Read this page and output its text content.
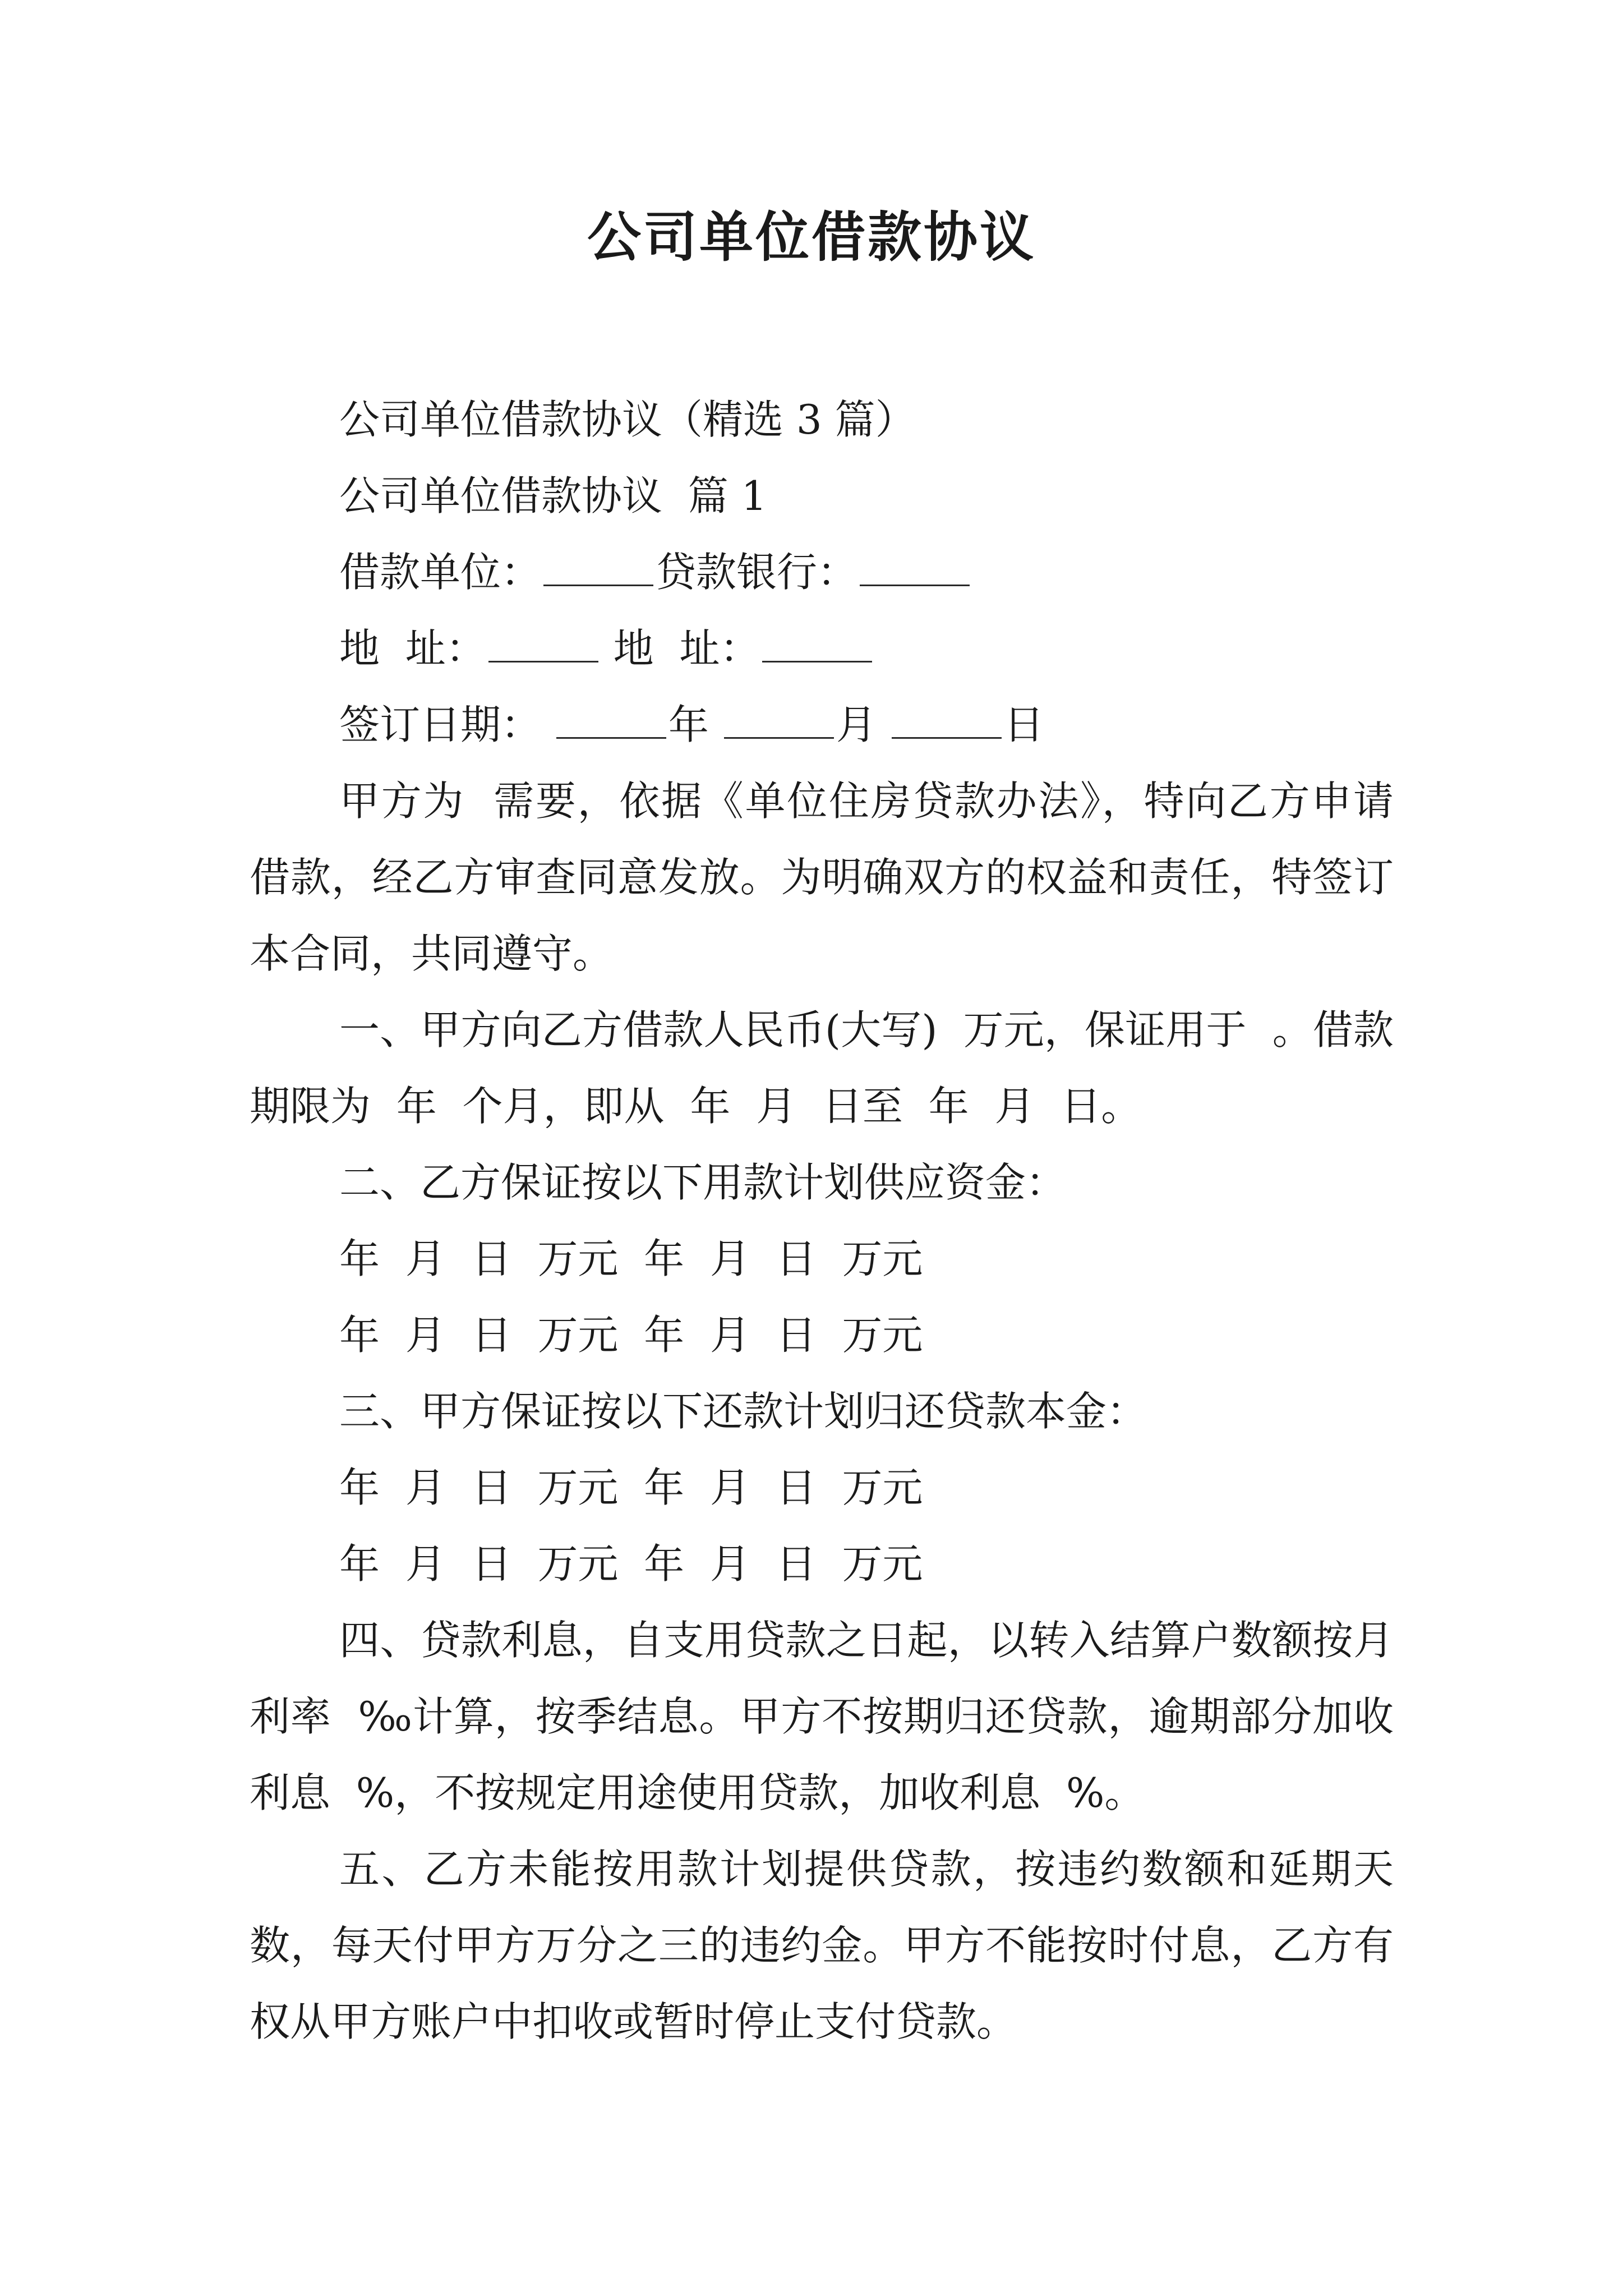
公司单位借款协议

公司单位借款协议（精选 3 篇）

公司单位借款协议  篇 1

借款单位：	贷款银行：

地  址：	地  址：

签订日期：	年	月	日

甲方为  需要，依据《单位住房贷款办法》，特向乙方申请借款，经乙方审查同意发放。为明确双方的权益和责任，特签订本合同，共同遵守。

一、甲方向乙方借款人民币(大写)  万元，保证用于  。借款期限为  年  个月，即从  年  月  日至  年  月  日。

二、乙方保证按以下用款计划供应资金：

年  月  日  万元  年  月  日  万元

年  月  日  万元  年  月  日  万元

三、甲方保证按以下还款计划归还贷款本金：

年  月  日  万元  年  月  日  万元

年  月  日  万元  年  月  日  万元

四、贷款利息，自支用贷款之日起，以转入结算户数额按月利率  ‰计算，按季结息。甲方不按期归还贷款，逾期部分加收利息  %，不按规定用途使用贷款，加收利息  %。

五、乙方未能按用款计划提供贷款，按违约数额和延期天数，每天付甲方万分之三的违约金。甲方不能按时付息，乙方有权从甲方账户中扣收或暂时停止支付贷款。
